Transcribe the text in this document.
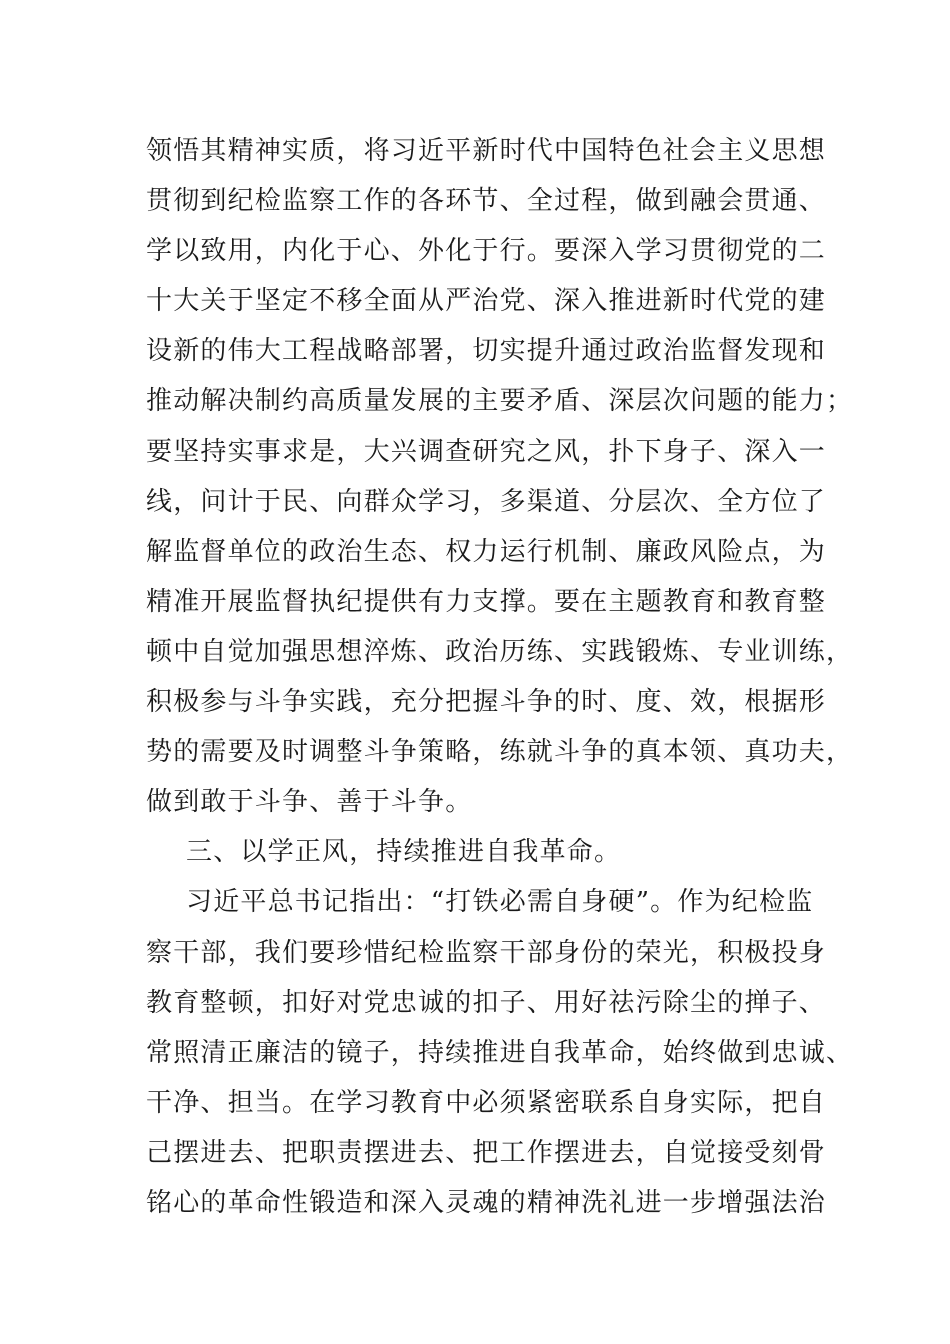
领悟其精神实质，将习近平新时代中国特色社会主义思想
贯彻到纪检监察工作的各环节、全过程，做到融会贯通、
学以致用，内化于心、外化于行。要深入学习贯彻党的二
十大关于坚定不移全面从严治党、深入推进新时代党的建
设新的伟大工程战略部署，切实提升通过政治监督发现和
推动解决制约高质量发展的主要矛盾、深层次问题的能力；
要坚持实事求是，大兴调查研究之风，扑下身子、深入一
线，问计于民、向群众学习，多渠道、分层次、全方位了
解监督单位的政治生态、权力运行机制、廉政风险点，为
精准开展监督执纪提供有力支撑。要在主题教育和教育整
顿中自觉加强思想淬炼、政治历练、实践锻炼、专业训练，
积极参与斗争实践，充分把握斗争的时、度、效，根据形
势的需要及时调整斗争策略，练就斗争的真本领、真功夫，
做到敢于斗争、善于斗争。
三、以学正风，持续推进自我革命。
习近平总书记指出：“打铁必需自身硬”。作为纪检监
察干部，我们要珍惜纪检监察干部身份的荣光，积极投身
教育整顿，扣好对党忠诚的扣子、用好祛污除尘的掸子、
常照清正廉洁的镜子，持续推进自我革命，始终做到忠诚、
干净、担当。在学习教育中必须紧密联系自身实际，把自
己摆进去、把职责摆进去、把工作摆进去，自觉接受刻骨
铭心的革命性锻造和深入灵魂的精神洗礼进一步增强法治
